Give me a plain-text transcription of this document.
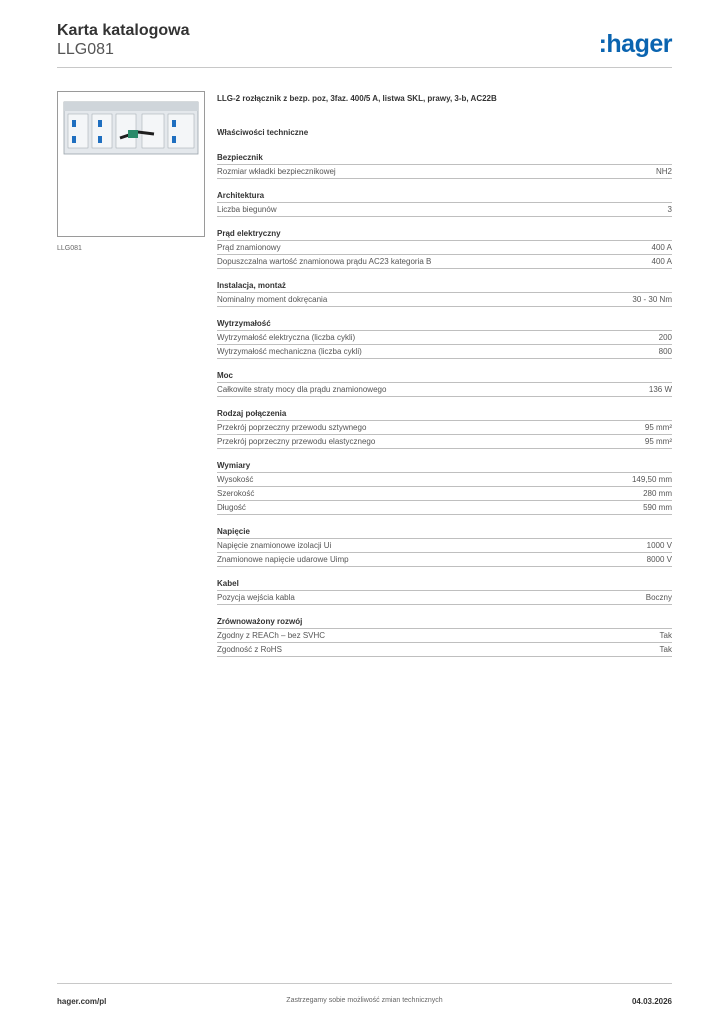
Karta katalogowa
LLG081	:hager
LLG081
LLG-2 rozłącznik z bezp. poz, 3faz. 400/5 A, listwa SKL, prawy, 3-b, AC22B
Właściwości techniczne
Bezpiecznik
Rozmiar wkładki bezpiecznikowej	NH2
Architektura
Liczba biegunów	3
Prąd elektryczny
Prąd znamionowy	400 A
Dopuszczalna wartość znamionowa prądu AC23 kategoria B	400 A
Instalacja, montaż
Nominalny moment dokręcania	30 - 30 Nm
Wytrzymałość
Wytrzymałość elektryczna (liczba cykli)	200
Wytrzymałość mechaniczna (liczba cykli)	800
Moc
Całkowite straty mocy dla prądu znamionowego	136 W
Rodzaj połączenia
Przekrój poprzeczny przewodu sztywnego	95 mm²
Przekrój poprzeczny przewodu elastycznego	95 mm²
Wymiary
Wysokość	149,50 mm
Szerokość	280 mm
Długość	590 mm
Napięcie
Napięcie znamionowe izolacji Ui	1000 V
Znamionowe napięcie udarowe Uimp	8000 V
Kabel
Pozycja wejścia kabla	Boczny
Zrównoważony rozwój
Zgodny z REACh – bez SVHC	Tak
Zgodność z RoHS	Tak
hager.com/pl	Zastrzegamy sobie możliwość zmian technicznych	04.03.2026
